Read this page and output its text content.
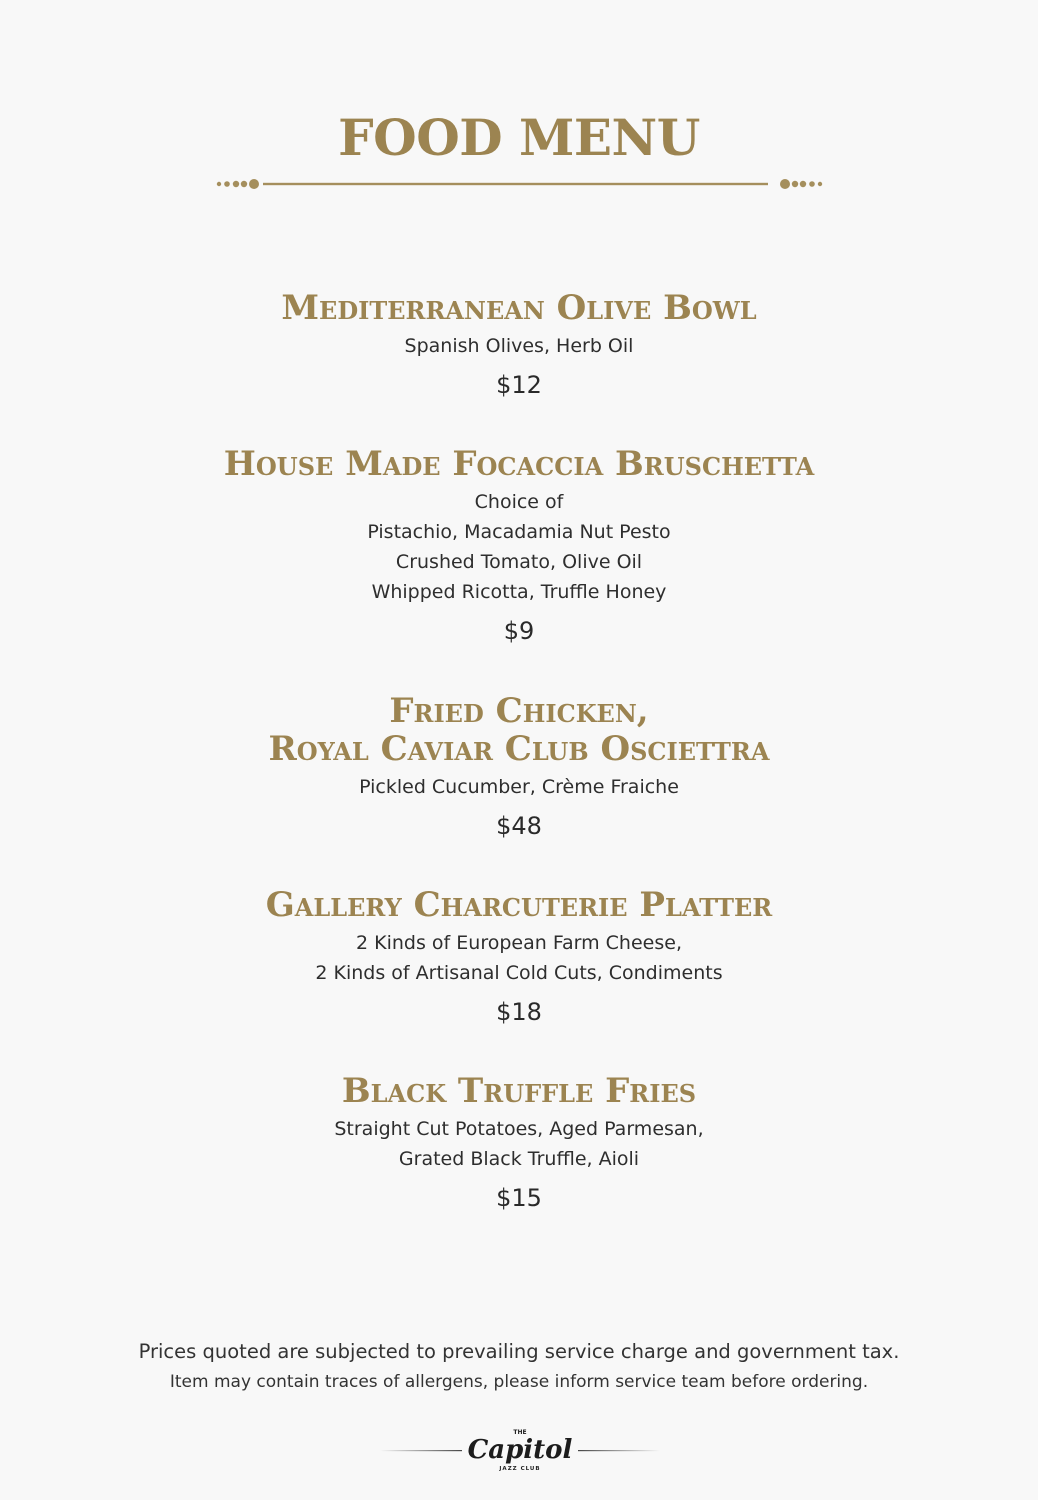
FOOD MENU
Mediterranean Olive Bowl

Spanish Olives, Herb Oil

$12

House Made Focaccia Bruschetta

Choice of
Pistachio, Macadamia Nut Pesto
Crushed Tomato, Olive Oil
Whipped Ricotta, Truffle Honey

$9

Fried Chicken,
Royal Caviar Club Osciettra

Pickled Cucumber, Crème Fraiche

$48

Gallery Charcuterie Platter

2 Kinds of European Farm Cheese,
2 Kinds of Artisanal Cold Cuts, Condiments

$18

Black Truffle Fries

Straight Cut Potatoes, Aged Parmesan,
Grated Black Truffle, Aioli

$15

Prices quoted are subjected to prevailing service charge and government tax.
Item may contain traces of allergens, please inform service team before ordering.
THE
Capitol
JAZZ CLUB
